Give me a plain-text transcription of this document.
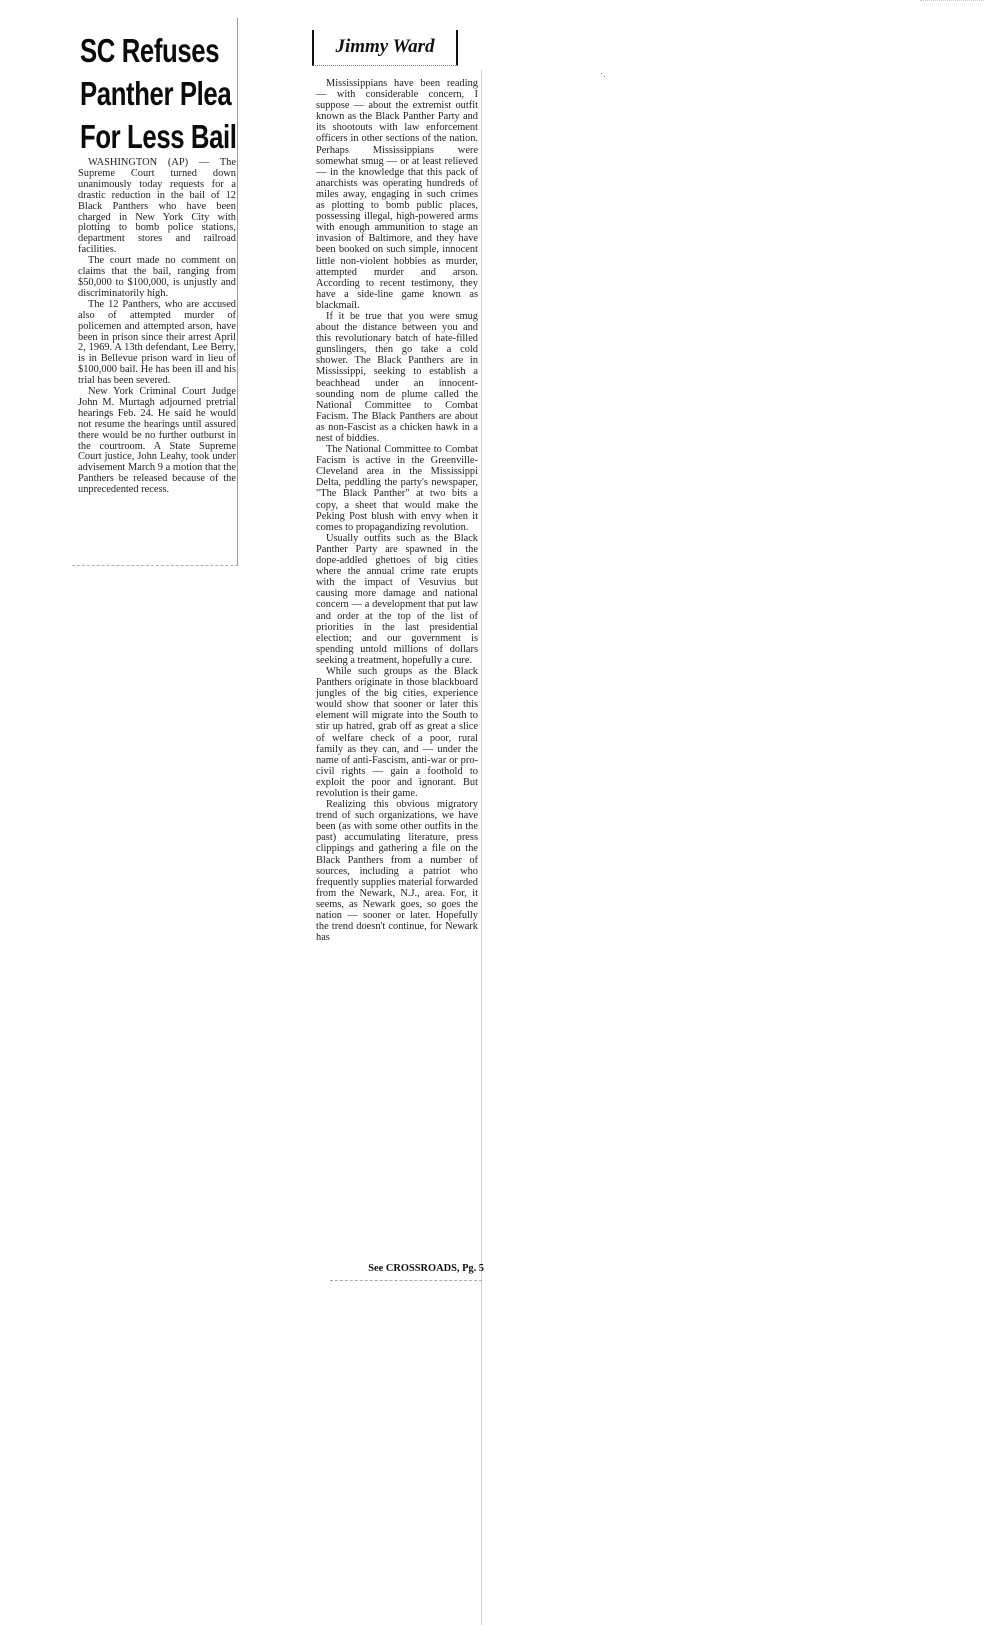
SC Refuses
Panther Plea
For Less Bail

WASHINGTON (AP) — The Supreme Court turned down unanimously today requests for a drastic reduction in the bail of 12 Black Panthers who have been charged in New York City with plotting to bomb police stations, department stores and railroad facilities.

The court made no comment on claims that the bail, ranging from $50,000 to $100,000, is unjustly and discriminatorily high.

The 12 Panthers, who are accused also of attempted murder of policemen and attempted arson, have been in prison since their arrest April 2, 1969. A 13th defendant, Lee Berry, is in Bellevue prison ward in lieu of $100,000 bail. He has been ill and his trial has been severed.

New York Criminal Court Judge John M. Murtagh adjourned pretrial hearings Feb. 24. He said he would not resume the hearings until assured there would be no further outburst in the courtroom. A State Supreme Court justice, John Leahy, took under advisement March 9 a motion that the Panthers be released because of the unprecedented recess.

Jimmy Ward

Mississippians have been reading — with considerable concern, I suppose — about the extremist outfit known as the Black Panther Party and its shootouts with law enforcement officers in other sections of the nation. Perhaps Mississippians were somewhat smug — or at least relieved — in the knowledge that this pack of anarchists was operating hundreds of miles away, engaging in such crimes as plotting to bomb public places, possessing illegal, high-powered arms with enough ammunition to stage an invasion of Baltimore, and they have been booked on such simple, innocent little non-violent hobbies as murder, attempted murder and arson. According to recent testimony, they have a side-line game known as blackmail.

If it be true that you were smug about the distance between you and this revolutionary batch of hate-filled gunslingers, then go take a cold shower. The Black Panthers are in Mississippi, seeking to establish a beachhead under an innocent-sounding nom de plume called the National Committee to Combat Facism. The Black Panthers are about as non-Fascist as a chicken hawk in a nest of biddies.

The National Committee to Combat Facism is active in the Greenville-Cleveland area in the Mississippi Delta, peddling the party's newspaper, "The Black Panther" at two bits a copy, a sheet that would make the Peking Post blush with envy when it comes to propagandizing revolution.

Usually outfits such as the Black Panther Party are spawned in the dope-addled ghettoes of big cities where the annual crime rate erupts with the impact of Vesuvius but causing more damage and national concern — a development that put law and order at the top of the list of priorities in the last presidential election; and our government is spending untold millions of dollars seeking a treatment, hopefully a cure.

While such groups as the Black Panthers originate in those blackboard jungles of the big cities, experience would show that sooner or later this element will migrate into the South to stir up hatred, grab off as great a slice of welfare check of a poor, rural family as they can, and — under the name of anti-Fascism, anti-war or pro-civil rights — gain a foothold to exploit the poor and ignorant. But revolution is their game.

Realizing this obvious migratory trend of such organizations, we have been (as with some other outfits in the past) accumulating literature, press clippings and gathering a file on the Black Panthers from a number of sources, including a patriot who frequently supplies material forwarded from the Newark, N.J., area. For, it seems, as Newark goes, so goes the nation — sooner or later. Hopefully the trend doesn't continue, for Newark has

See CROSSROADS, Pg. 5
